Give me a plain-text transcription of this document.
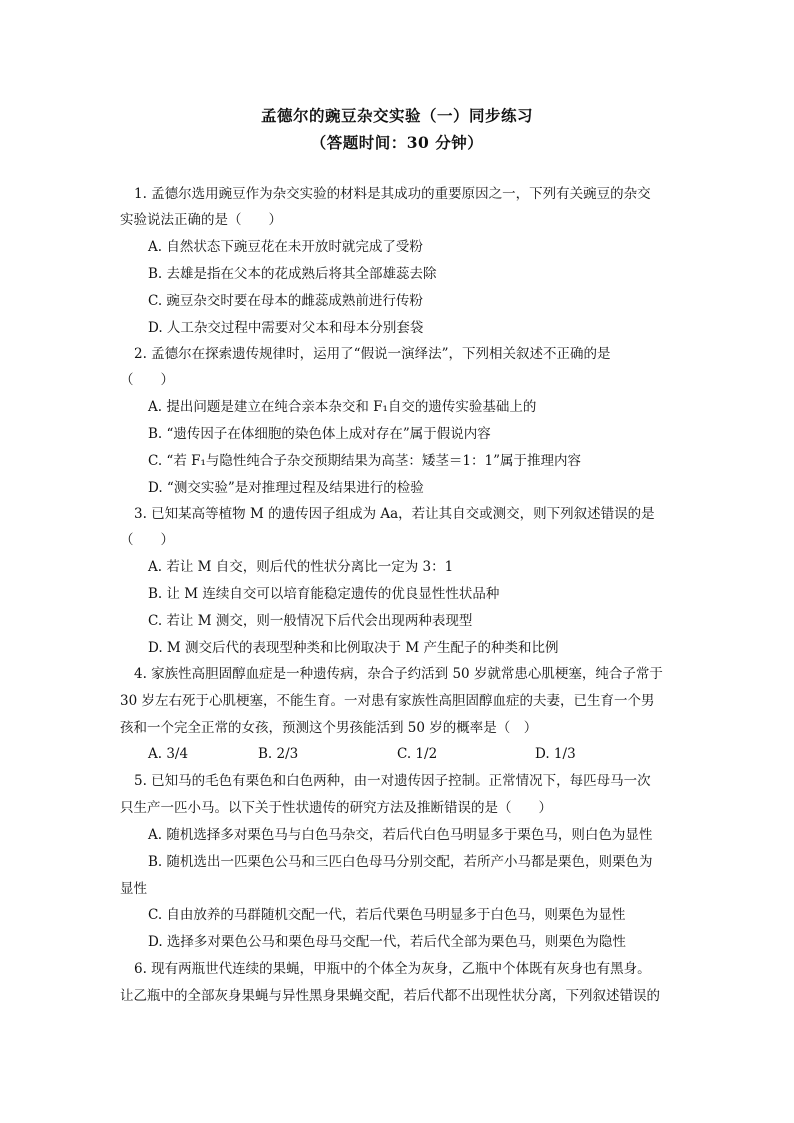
孟德尔的豌豆杂交实验（一）同步练习
（答题时间：30 分钟）
1. 孟德尔选用豌豆作为杂交实验的材料是其成功的重要原因之一，下列有关豌豆的杂交
实验说法正确的是（　　）
A. 自然状态下豌豆花在未开放时就完成了受粉
B. 去雄是指在父本的花成熟后将其全部雄蕊去除
C. 豌豆杂交时要在母本的雌蕊成熟前进行传粉
D. 人工杂交过程中需要对父本和母本分别套袋
2. 孟德尔在探索遗传规律时，运用了“假说一演绎法”，下列相关叙述不正确的是
（　　）
A. 提出问题是建立在纯合亲本杂交和 F₁自交的遗传实验基础上的
B. “遗传因子在体细胞的染色体上成对存在”属于假说内容
C. “若 F₁与隐性纯合子杂交预期结果为高茎：矮茎＝1：1”属于推理内容
D. “测交实验”是对推理过程及结果进行的检验
3. 已知某高等植物 M 的遗传因子组成为 Aa，若让其自交或测交，则下列叙述错误的是
（　　）
A. 若让 M 自交，则后代的性状分离比一定为 3：1
B. 让 M 连续自交可以培育能稳定遗传的优良显性性状品种
C. 若让 M 测交，则一般情况下后代会出现两种表现型
D. M 测交后代的表现型种类和比例取决于 M 产生配子的种类和比例
4. 家族性高胆固醇血症是一种遗传病，杂合子约活到 50 岁就常患心肌梗塞，纯合子常于
30 岁左右死于心肌梗塞，不能生育。一对患有家族性高胆固醇血症的夫妻，已生育一个男
孩和一个完全正常的女孩，预测这个男孩能活到 50 岁的概率是（　）
A. 3/4	B. 2/3	C. 1/2	D. 1/3
5. 已知马的毛色有栗色和白色两种，由一对遗传因子控制。正常情况下，每匹母马一次
只生产一匹小马。以下关于性状遗传的研究方法及推断错误的是（　　）
A. 随机选择多对栗色马与白色马杂交，若后代白色马明显多于栗色马，则白色为显性
B. 随机选出一匹栗色公马和三匹白色母马分别交配，若所产小马都是栗色，则栗色为
显性
C. 自由放养的马群随机交配一代，若后代栗色马明显多于白色马，则栗色为显性
D. 选择多对栗色公马和栗色母马交配一代，若后代全部为栗色马，则栗色为隐性
6. 现有两瓶世代连续的果蝇，甲瓶中的个体全为灰身，乙瓶中个体既有灰身也有黑身。
让乙瓶中的全部灰身果蝇与异性黑身果蝇交配，若后代都不出现性状分离，下列叙述错误的
